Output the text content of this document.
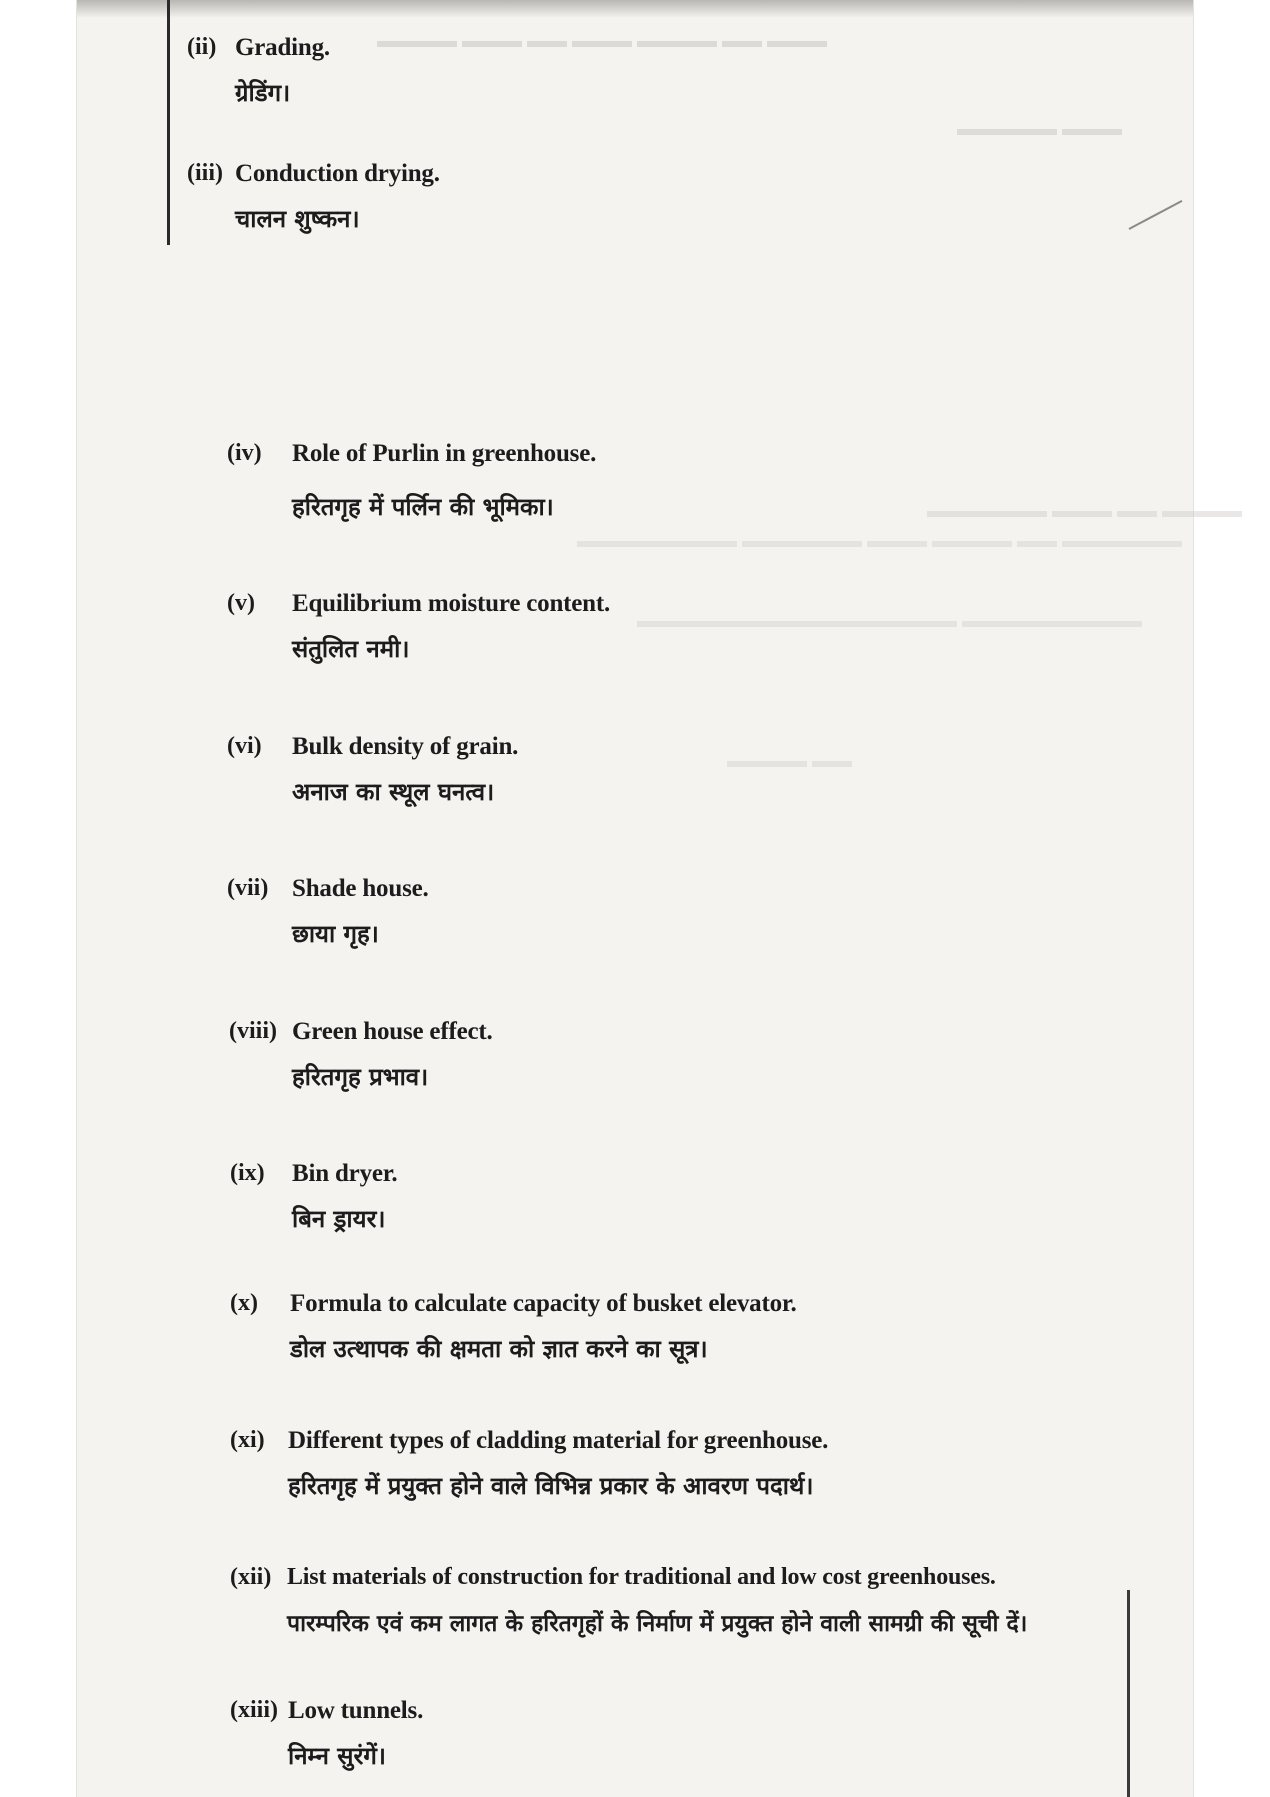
▬▬▬ ▬▬ ▬▬▬▬ ▬▬▬ ▬▬ ▬▬▬ ▬▬▬▬
▬▬▬ ▬▬▬▬▬
▬▬▬▬ ▬▬ ▬▬▬ ▬▬▬▬▬▬
▬▬▬▬▬▬ ▬▬ ▬▬▬▬ ▬▬▬ ▬▬▬▬▬▬ ▬▬▬▬▬▬▬▬
▬▬▬▬▬▬▬▬▬ ▬▬▬▬▬▬▬▬▬▬▬▬▬▬▬▬
▬▬ ▬▬▬▬
(ii) Grading.
ग्रेडिंग।
(iii) Conduction drying.
चालन शुष्कन।
(iv) Role of Purlin in greenhouse.
हरितगृह में पर्लिन की भूमिका।
(v) Equilibrium moisture content.
संतुलित नमी।
(vi) Bulk density of grain.
अनाज का स्थूल घनत्व।
(vii) Shade house.
छाया गृह।
(viii) Green house effect.
हरितगृह प्रभाव।
(ix) Bin dryer.
बिन ड्रायर।
(x) Formula to calculate capacity of busket elevator.
डोल उत्थापक की क्षमता को ज्ञात करने का सूत्र।
(xi) Different types of cladding material for greenhouse.
हरितगृह में प्रयुक्त होने वाले विभिन्न प्रकार के आवरण पदार्थ।
(xii) List materials of construction for traditional and low cost greenhouses.
पारम्परिक एवं कम लागत के हरितगृहों के निर्माण में प्रयुक्त होने वाली सामग्री की सूची दें।
(xiii) Low tunnels.
निम्न सुरंगें।
